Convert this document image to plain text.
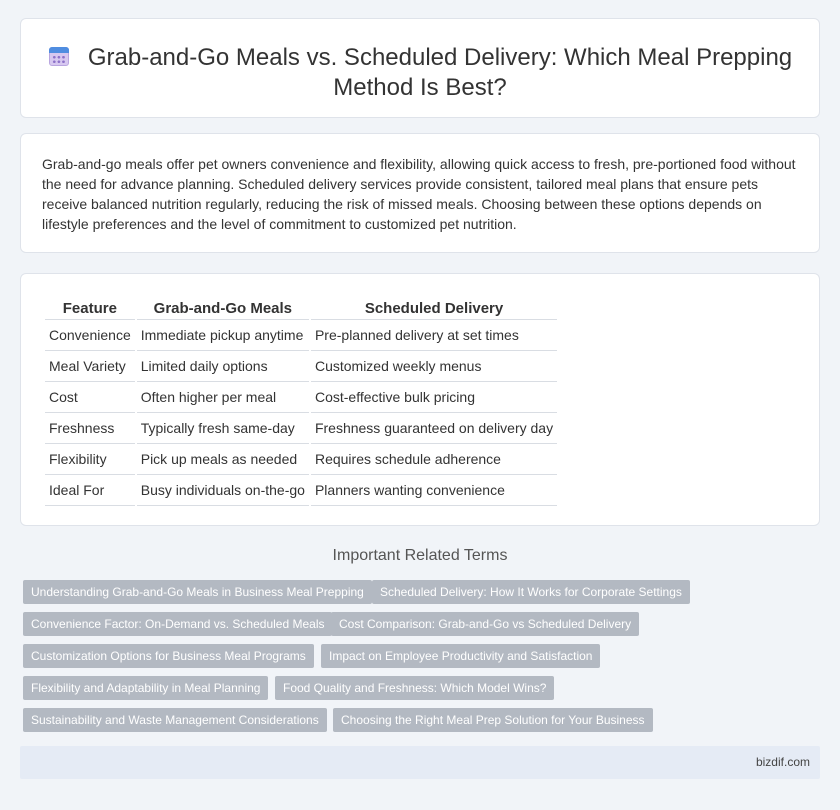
Grab-and-Go Meals vs. Scheduled Delivery: Which Meal Prepping Method Is Best?

Grab-and-go meals offer pet owners convenience and flexibility, allowing quick access to fresh, pre-portioned food without the need for advance planning. Scheduled delivery services provide consistent, tailored meal plans that ensure pets receive balanced nutrition regularly, reducing the risk of missed meals. Choosing between these options depends on lifestyle preferences and the level of commitment to customized pet nutrition.

Feature	Grab-and-Go Meals	Scheduled Delivery
Convenience	Immediate pickup anytime	Pre-planned delivery at set times
Meal Variety	Limited daily options	Customized weekly menus
Cost	Often higher per meal	Cost-effective bulk pricing
Freshness	Typically fresh same-day	Freshness guaranteed on delivery day
Flexibility	Pick up meals as needed	Requires schedule adherence
Ideal For	Busy individuals on-the-go	Planners wanting convenience
Important Related Terms
Understanding Grab-and-Go Meals in Business Meal Prepping	Scheduled Delivery: How It Works for Corporate Settings
Convenience Factor: On-Demand vs. Scheduled Meals	Cost Comparison: Grab-and-Go vs Scheduled Delivery
Customization Options for Business Meal Programs	Impact on Employee Productivity and Satisfaction
Flexibility and Adaptability in Meal Planning	Food Quality and Freshness: Which Model Wins?
Sustainability and Waste Management Considerations	Choosing the Right Meal Prep Solution for Your Business
bizdif.com
